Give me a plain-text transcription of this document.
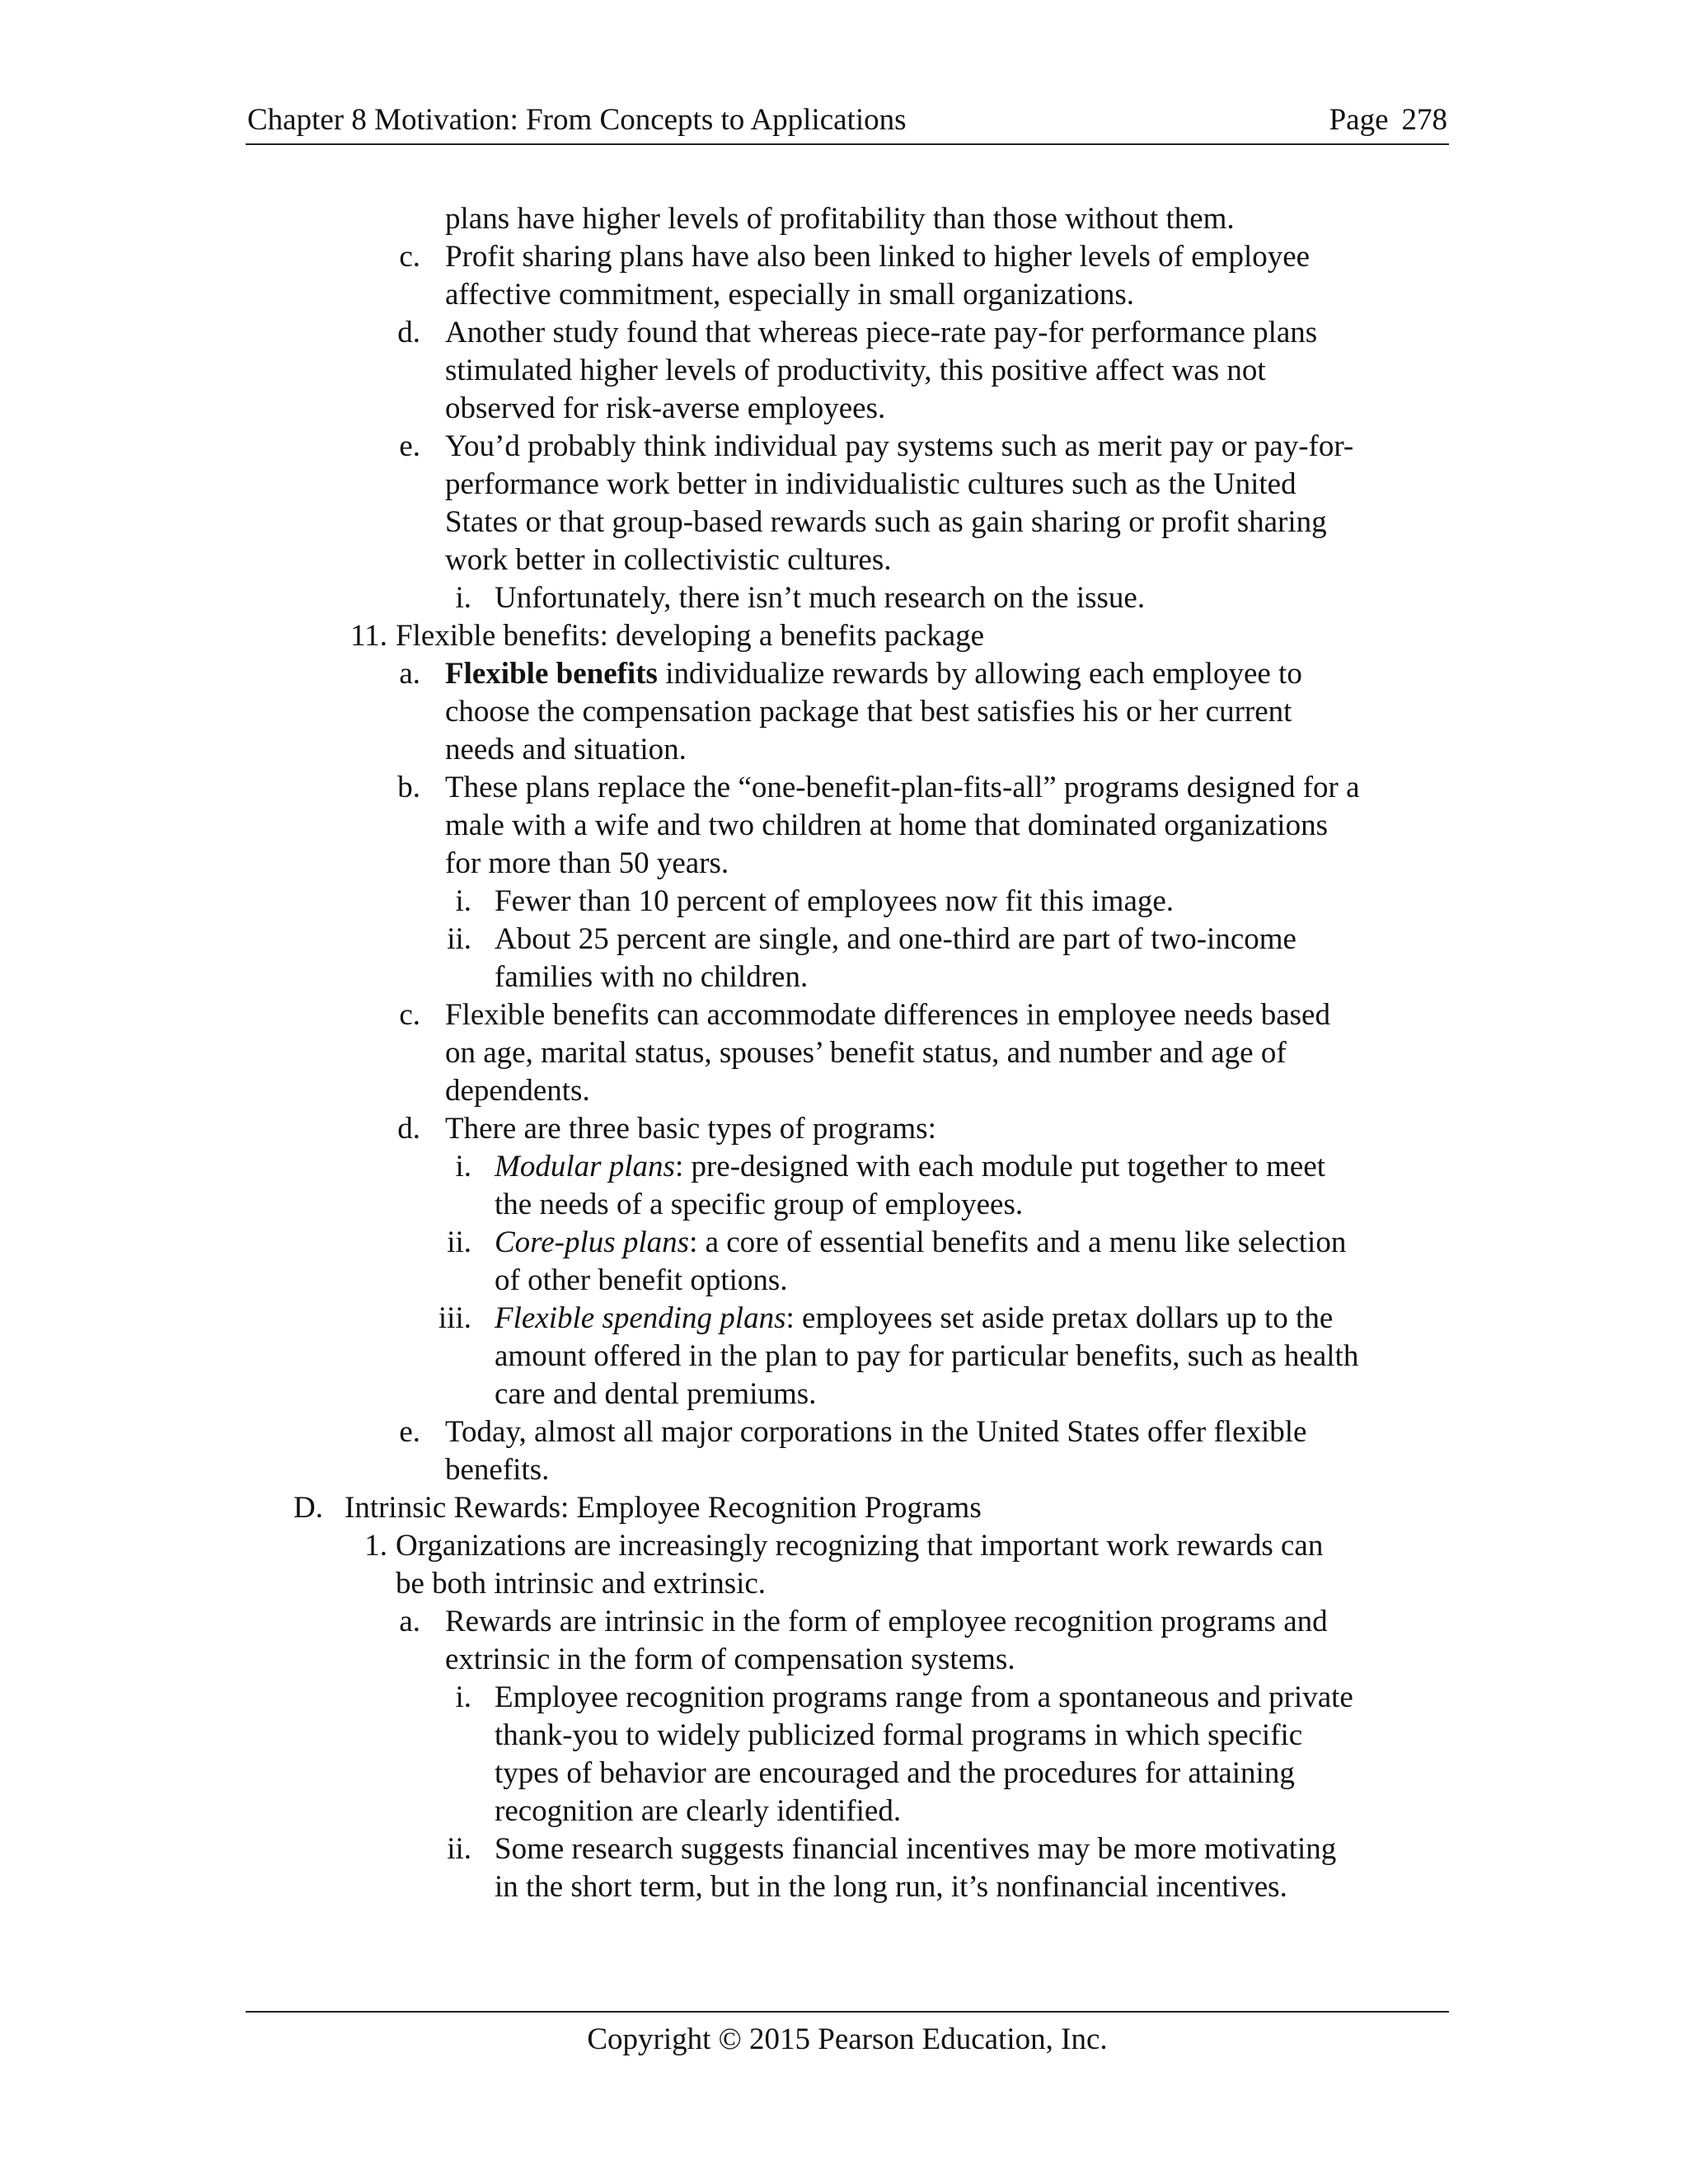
Chapter 8 Motivation: From Concepts to Applications	Page 278
plans have higher levels of profitability than those without them.
c. Profit sharing plans have also been linked to higher levels of employee
affective commitment, especially in small organizations.
d. Another study found that whereas piece-rate pay-for performance plans
stimulated higher levels of productivity, this positive affect was not
observed for risk-averse employees.
e. You’d probably think individual pay systems such as merit pay or pay-for-
performance work better in individualistic cultures such as the United
States or that group-based rewards such as gain sharing or profit sharing
work better in collectivistic cultures.
i. Unfortunately, there isn’t much research on the issue.
11. Flexible benefits: developing a benefits package
a. Flexible benefits individualize rewards by allowing each employee to
choose the compensation package that best satisfies his or her current
needs and situation.
b. These plans replace the “one-benefit-plan-fits-all” programs designed for a
male with a wife and two children at home that dominated organizations
for more than 50 years.
i. Fewer than 10 percent of employees now fit this image.
ii. About 25 percent are single, and one-third are part of two-income
families with no children.
c. Flexible benefits can accommodate differences in employee needs based
on age, marital status, spouses’ benefit status, and number and age of
dependents.
d. There are three basic types of programs:
i. Modular plans: pre-designed with each module put together to meet
the needs of a specific group of employees.
ii. Core-plus plans: a core of essential benefits and a menu like selection
of other benefit options.
iii. Flexible spending plans: employees set aside pretax dollars up to the
amount offered in the plan to pay for particular benefits, such as health
care and dental premiums.
e. Today, almost all major corporations in the United States offer flexible
benefits.
D. Intrinsic Rewards: Employee Recognition Programs
1. Organizations are increasingly recognizing that important work rewards can
be both intrinsic and extrinsic.
a. Rewards are intrinsic in the form of employee recognition programs and
extrinsic in the form of compensation systems.
i. Employee recognition programs range from a spontaneous and private
thank-you to widely publicized formal programs in which specific
types of behavior are encouraged and the procedures for attaining
recognition are clearly identified.
ii. Some research suggests financial incentives may be more motivating
in the short term, but in the long run, it’s nonfinancial incentives.
Copyright © 2015 Pearson Education, Inc.
